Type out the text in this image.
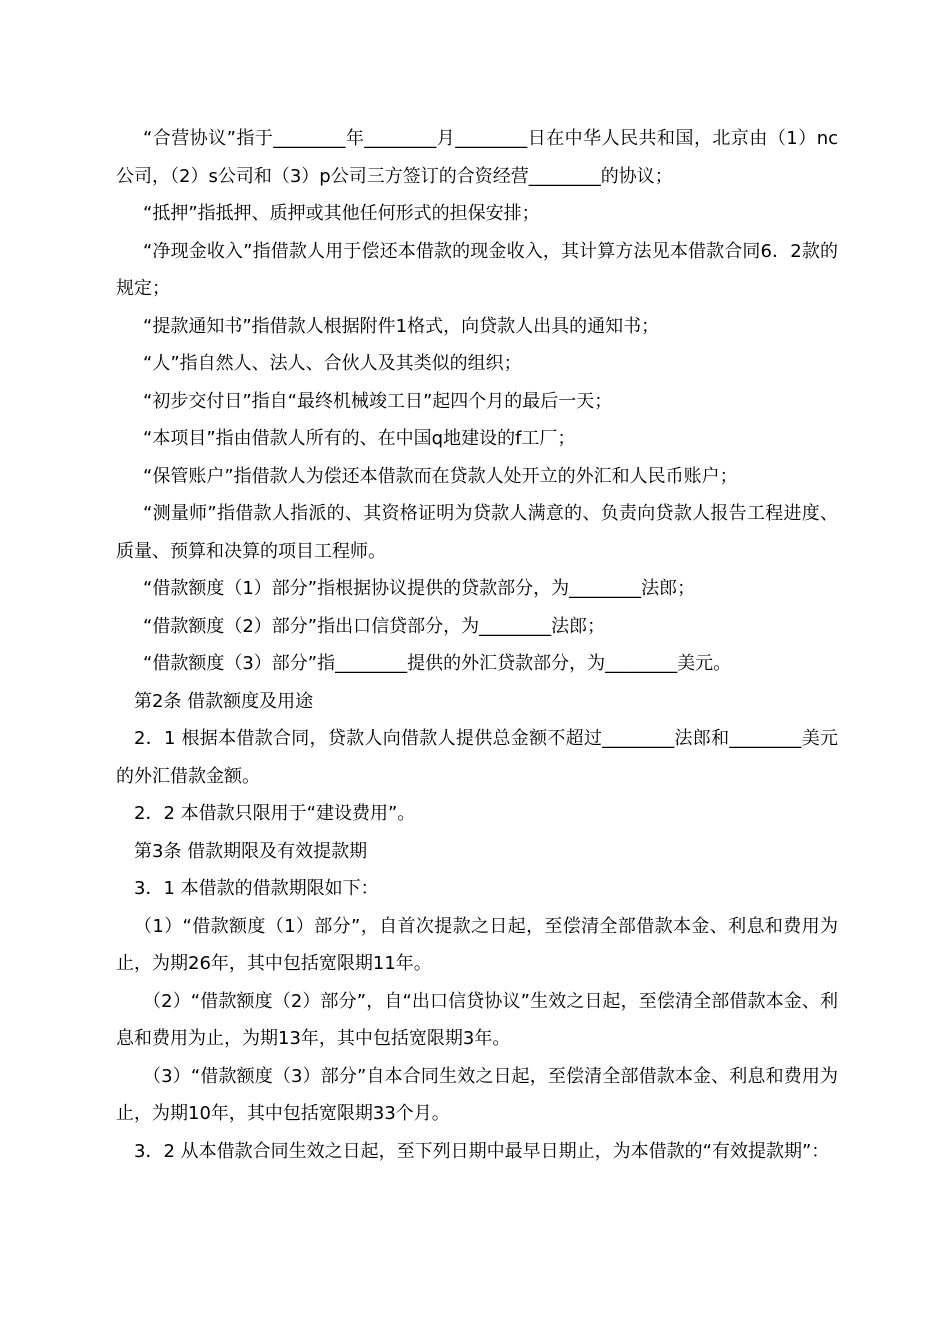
“合营协议”指于________年________月________日在中华人民共和国，北京由（1）nc公司，（2）s公司和（3）p公司三方签订的合资经营________的协议；

“抵押”指抵押、质押或其他任何形式的担保安排；

“净现金收入”指借款人用于偿还本借款的现金收入，其计算方法见本借款合同6．2款的规定；

“提款通知书”指借款人根据附件1格式，向贷款人出具的通知书；

“人”指自然人、法人、合伙人及其类似的组织；

“初步交付日”指自“最终机械竣工日”起四个月的最后一天；

“本项目”指由借款人所有的、在中国q地建设的f工厂；

“保管账户”指借款人为偿还本借款而在贷款人处开立的外汇和人民币账户；

“测量师”指借款人指派的、其资格证明为贷款人满意的、负责向贷款人报告工程进度、质量、预算和决算的项目工程师。

“借款额度（1）部分”指根据协议提供的贷款部分，为________法郎；

“借款额度（2）部分”指出口信贷部分，为________法郎；

“借款额度（3）部分”指________提供的外汇贷款部分，为________美元。

第2条 借款额度及用途

2．1 根据本借款合同，贷款人向借款人提供总金额不超过________法郎和________美元的外汇借款金额。

2．2 本借款只限用于“建设费用”。

第3条 借款期限及有效提款期

3．1 本借款的借款期限如下：

（1）“借款额度（1）部分”，自首次提款之日起，至偿清全部借款本金、利息和费用为止，为期26年，其中包括宽限期11年。

（2）“借款额度（2）部分”，自“出口信贷协议”生效之日起，至偿清全部借款本金、利息和费用为止，为期13年，其中包括宽限期3年。

（3）“借款额度（3）部分”自本合同生效之日起，至偿清全部借款本金、利息和费用为止，为期10年，其中包括宽限期33个月。

3．2 从本借款合同生效之日起，至下列日期中最早日期止，为本借款的“有效提款期”：
